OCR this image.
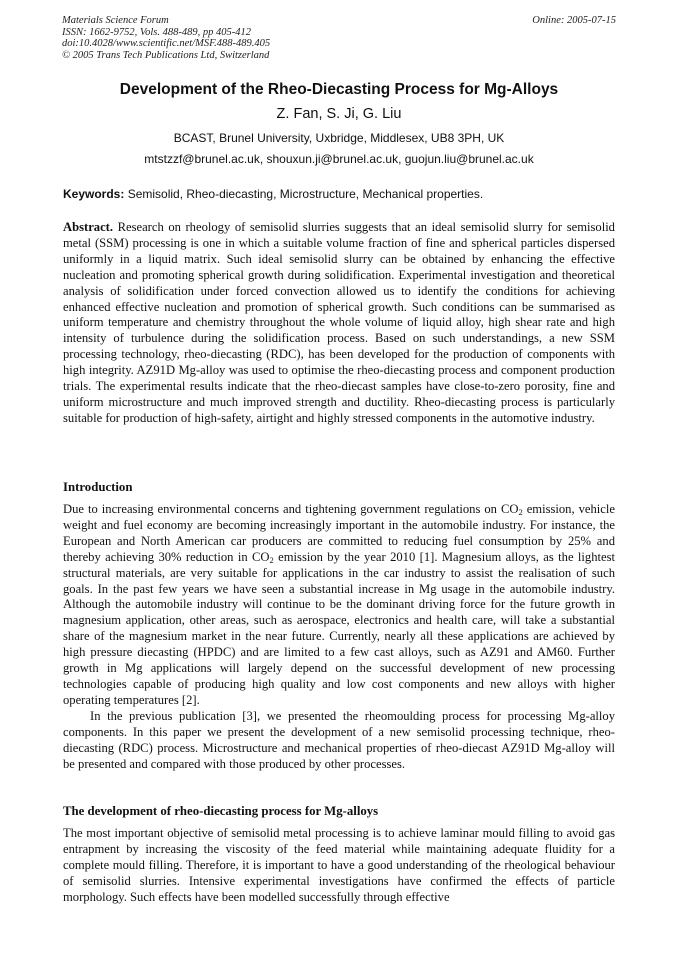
Materials Science Forum
ISSN: 1662-9752, Vols. 488-489, pp 405-412
doi:10.4028/www.scientific.net/MSF.488-489.405
© 2005 Trans Tech Publications Ltd, Switzerland
Online: 2005-07-15
Development of the Rheo-Diecasting Process for Mg-Alloys
Z. Fan, S. Ji, G. Liu
BCAST, Brunel University, Uxbridge, Middlesex, UB8 3PH, UK
mtstzzf@brunel.ac.uk, shouxun.ji@brunel.ac.uk, guojun.liu@brunel.ac.uk
Keywords: Semisolid, Rheo-diecasting, Microstructure, Mechanical properties.
Abstract. Research on rheology of semisolid slurries suggests that an ideal semisolid slurry for semisolid metal (SSM) processing is one in which a suitable volume fraction of fine and spherical particles dispersed uniformly in a liquid matrix. Such ideal semisolid slurry can be obtained by enhancing the effective nucleation and promoting spherical growth during solidification. Experimental investigation and theoretical analysis of solidification under forced convection allowed us to identify the conditions for achieving enhanced effective nucleation and promotion of spherical growth. Such conditions can be summarised as uniform temperature and chemistry throughout the whole volume of liquid alloy, high shear rate and high intensity of turbulence during the solidification process. Based on such understandings, a new SSM processing technology, rheo-diecasting (RDC), has been developed for the production of components with high integrity. AZ91D Mg-alloy was used to optimise the rheo-diecasting process and component production trials. The experimental results indicate that the rheo-diecast samples have close-to-zero porosity, fine and uniform microstructure and much improved strength and ductility. Rheo-diecasting process is particularly suitable for production of high-safety, airtight and highly stressed components in the automotive industry.
Introduction

Due to increasing environmental concerns and tightening government regulations on $CO_2$ emission, vehicle weight and fuel economy are becoming increasingly important in the automobile industry. For instance, the European and North American car producers are committed to reducing fuel consumption by 25% and thereby achieving 30% reduction in $CO_2$ emission by the year 2010 [1]. Magnesium alloys, as the lightest structural materials, are very suitable for applications in the car industry to assist the realisation of such goals. In the past few years we have seen a substantial increase in Mg usage in the automobile industry. Although the automobile industry will continue to be the dominant driving force for the future growth in magnesium application, other areas, such as aerospace, electronics and health care, will take a substantial share of the magnesium market in the near future. Currently, nearly all these applications are achieved by high pressure diecasting (HPDC) and are limited to a few cast alloys, such as AZ91 and AM60. Further growth in Mg applications will largely depend on the successful development of new processing technologies capable of producing high quality and low cost components and new alloys with higher operating temperatures [2].

In the previous publication [3], we presented the rheomoulding process for processing Mg-alloy components. In this paper we present the development of a new semisolid processing technique, rheo-diecasting (RDC) process. Microstructure and mechanical properties of rheo-diecast AZ91D Mg-alloy will be presented and compared with those produced by other processes.

The development of rheo-diecasting process for Mg-alloys
The most important objective of semisolid metal processing is to achieve laminar mould filling to avoid gas entrapment by increasing the viscosity of the feed material while maintaining adequate fluidity for a complete mould filling. Therefore, it is important to have a good understanding of the rheological behaviour of semisolid slurries. Intensive experimental investigations have confirmed the effects of particle morphology. Such effects have been modelled successfully through effective
